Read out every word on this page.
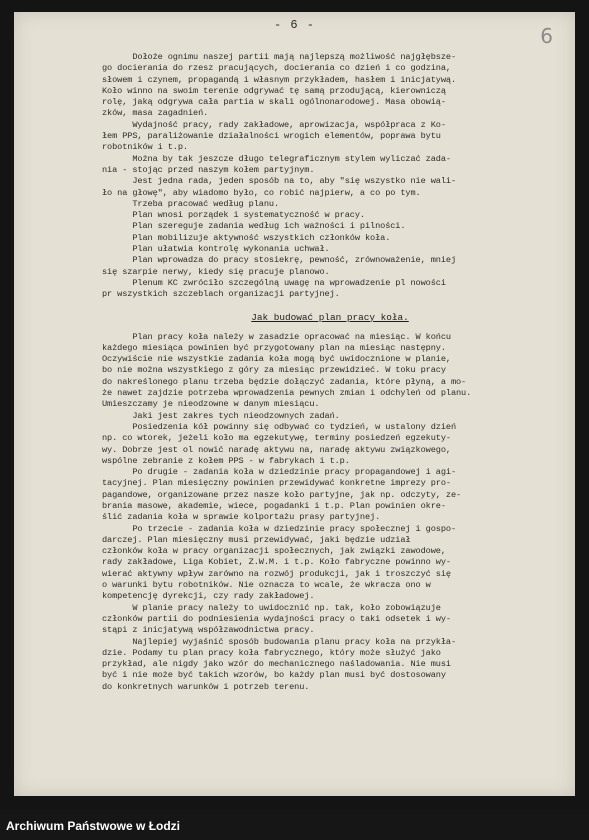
- 6 -	6
Dołoże ognimu naszej partii mają najlepszą możliwość najgłębsze-
go docierania do rzesz pracujących, docierania co dzień i co godzina,
słowem i czynem, propagandą i własnym przykładem, hasłem i inicjatywą.
Koło winno na swoim terenie odgrywać tę samą przodującą, kierowniczą
rolę, jaką odgrywa cała partia w skali ogólnonarodowej. Masa obowią-
zków, masa zagadnień.
Wydajność pracy, rady zakładowe, aprowizacja, współpraca z Ko-
łem PPS, paraliżowanie działalności wrogich elementów, poprawa bytu
robotników i t.p.
Można by tak jeszcze długo telegraficznym stylem wyliczać zada-
nia - stojąc przed naszym kołem partyjnym.
Jest jedna rada, jeden sposób na to, aby "się wszystko nie wali-
ło na głowę", aby wiadomo było, co robić najpierw, a co po tym.
Trzeba pracować według planu.
Plan wnosi porządek i systematyczność w pracy.
Plan szereguje zadania według ich ważności i pilności.
Plan mobilizuje aktywność wszystkich członków koła.
Plan ułatwia kontrolę wykonania uchwał.
Plan wprowadza do pracy stosiekrę, pewność, zrównoważenie, mniej
się szarpie nerwy, kiedy się pracuje planowo.
Plenum KC zwróciło szczególną uwagę na wprowadzenie pl nowości
pr wszystkich szczeblach organizacji partyjnej.
Jak budować plan pracy koła.
Plan pracy koła należy w zasadzie opracować na miesiąc. W końcu
każdego miesiąca powinien być przygotowany plan na miesiąc następny.
Oczywiście nie wszystkie zadania koła mogą być uwidocznione w planie,
bo nie można wszystkiego z góry za miesiąc przewidzieć. W toku pracy
do nakreślonego planu trzeba będzie dołączyć zadania, które płyną, a mo-
że nawet zajdzie potrzeba wprowadzenia pewnych zmian i odchyleń od planu.
Umieszczamy je nieodzowne w danym miesiącu.
Jaki jest zakres tych nieodzownych zadań.
Posiedzenia kół powinny się odbywać co tydzień, w ustalony dzień
np. co wtorek, jeżeli koło ma egzekutywę, terminy posiedzeń egzekuty-
wy. Dobrze jest ol nowić naradę aktywu na, naradę aktywu związkowego,
wspólne zebranie z kołem PPS - w fabrykach i t.p.
Po drugie - zadania koła w dziedzinie pracy propagandowej i agi-
tacyjnej. Plan miesięczny powinien przewidywać konkretne imprezy pro-
pagandowe, organizowane przez nasze koło partyjne, jak np. odczyty, ze-
brania masowe, akademie, wiece, pogadanki i t.p. Plan powinien okre-
ślić zadania koła w sprawie kolportażu prasy partyjnej.
Po trzecie - zadania koła w dziedzinie pracy społecznej i gospo-
darczej. Plan miesięczny musi przewidywać, jaki będzie udział
członków koła w pracy organizacji społecznych, jak związki zawodowe,
rady zakładowe, Liga Kobiet, Z.W.M. i t.p. Koło fabryczne powinno wy-
wierać aktywny wpływ zarówno na rozwój produkcji, jak i troszczyć się
o warunki bytu robotników. Nie oznacza to wcale, że wkracza ono w
kompetencję dyrekcji, czy rady zakładowej.
W planie pracy należy to uwidocznić np. tak, koło zobowiązuje
członków partii do podniesienia wydajności pracy o taki odsetek i wy-
stąpi z inicjatywą współzawodnictwa pracy.
Najlepiej wyjaśnić sposób budowania planu pracy koła na przykła-
dzie. Podamy tu plan pracy koła fabrycznego, który może służyć jako
przykład, ale nigdy jako wzór do mechanicznego naśladowania. Nie musi
być i nie może być takich wzorów, bo każdy plan musi być dostosowany
do konkretnych warunków i potrzeb terenu.
Archiwum Państwowe w Łodzi
